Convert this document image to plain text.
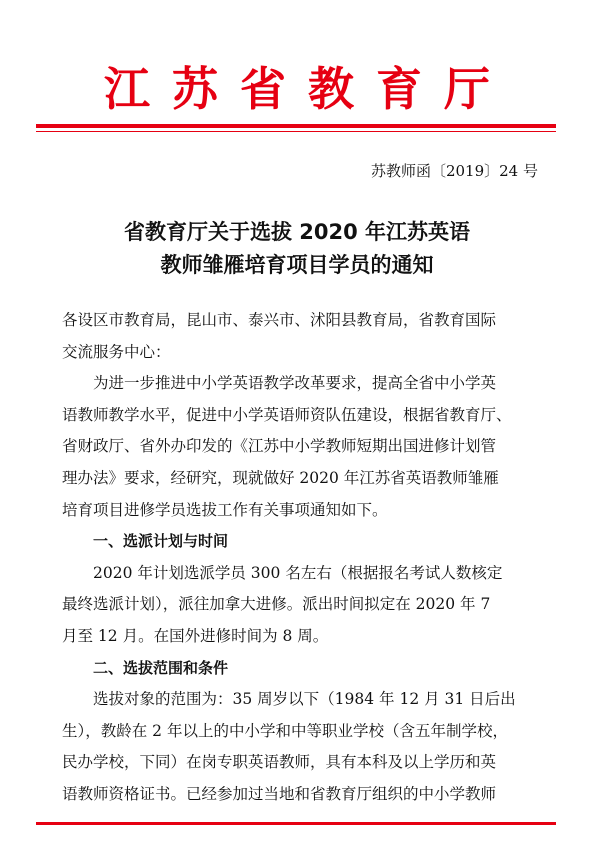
江苏省教育厅
苏教师函〔2019〕24 号
省教育厅关于选拔 2020 年江苏英语
教师雏雁培育项目学员的通知
各设区市教育局，昆山市、泰兴市、沭阳县教育局，省教育国际
交流服务中心：
为进一步推进中小学英语教学改革要求，提高全省中小学英
语教师教学水平，促进中小学英语师资队伍建设，根据省教育厅、
省财政厅、省外办印发的《江苏中小学教师短期出国进修计划管
理办法》要求，经研究，现就做好 2020 年江苏省英语教师雏雁
培育项目进修学员选拔工作有关事项通知如下。
一、选派计划与时间
2020 年计划选派学员 300 名左右（根据报名考试人数核定
最终选派计划），派往加拿大进修。派出时间拟定在 2020 年 7
月至 12 月。在国外进修时间为 8 周。
二、选拔范围和条件
选拔对象的范围为：35 周岁以下（1984 年 12 月 31 日后出
生），教龄在 2 年以上的中小学和中等职业学校（含五年制学校，
民办学校，下同）在岗专职英语教师，具有本科及以上学历和英
语教师资格证书。已经参加过当地和省教育厅组织的中小学教师
